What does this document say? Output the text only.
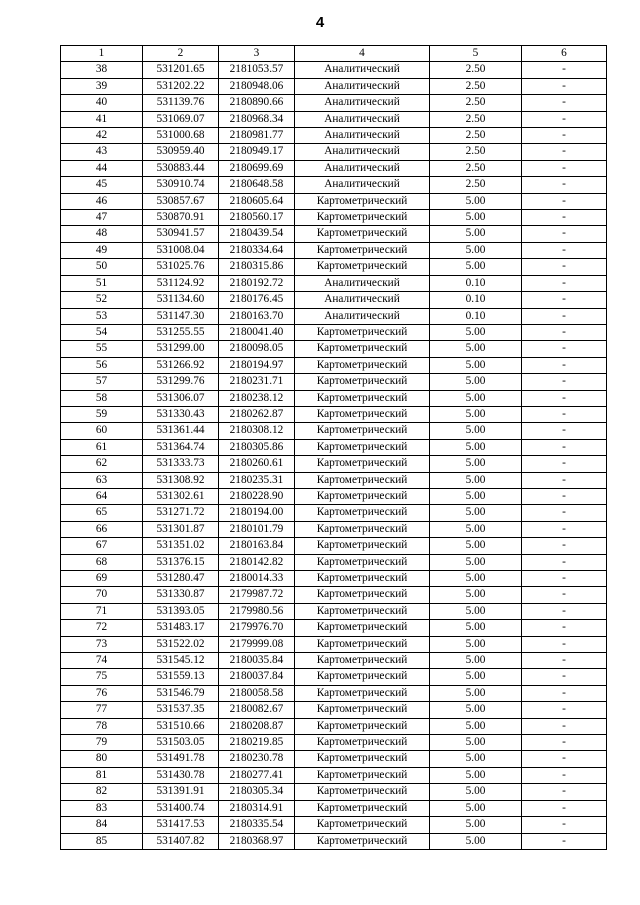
4
1	2	3	4	5	6
38	531201.65	2181053.57	Аналитический	2.50	-
39	531202.22	2180948.06	Аналитический	2.50	-
40	531139.76	2180890.66	Аналитический	2.50	-
41	531069.07	2180968.34	Аналитический	2.50	-
42	531000.68	2180981.77	Аналитический	2.50	-
43	530959.40	2180949.17	Аналитический	2.50	-
44	530883.44	2180699.69	Аналитический	2.50	-
45	530910.74	2180648.58	Аналитический	2.50	-
46	530857.67	2180605.64	Картометрический	5.00	-
47	530870.91	2180560.17	Картометрический	5.00	-
48	530941.57	2180439.54	Картометрический	5.00	-
49	531008.04	2180334.64	Картометрический	5.00	-
50	531025.76	2180315.86	Картометрический	5.00	-
51	531124.92	2180192.72	Аналитический	0.10	-
52	531134.60	2180176.45	Аналитический	0.10	-
53	531147.30	2180163.70	Аналитический	0.10	-
54	531255.55	2180041.40	Картометрический	5.00	-
55	531299.00	2180098.05	Картометрический	5.00	-
56	531266.92	2180194.97	Картометрический	5.00	-
57	531299.76	2180231.71	Картометрический	5.00	-
58	531306.07	2180238.12	Картометрический	5.00	-
59	531330.43	2180262.87	Картометрический	5.00	-
60	531361.44	2180308.12	Картометрический	5.00	-
61	531364.74	2180305.86	Картометрический	5.00	-
62	531333.73	2180260.61	Картометрический	5.00	-
63	531308.92	2180235.31	Картометрический	5.00	-
64	531302.61	2180228.90	Картометрический	5.00	-
65	531271.72	2180194.00	Картометрический	5.00	-
66	531301.87	2180101.79	Картометрический	5.00	-
67	531351.02	2180163.84	Картометрический	5.00	-
68	531376.15	2180142.82	Картометрический	5.00	-
69	531280.47	2180014.33	Картометрический	5.00	-
70	531330.87	2179987.72	Картометрический	5.00	-
71	531393.05	2179980.56	Картометрический	5.00	-
72	531483.17	2179976.70	Картометрический	5.00	-
73	531522.02	2179999.08	Картометрический	5.00	-
74	531545.12	2180035.84	Картометрический	5.00	-
75	531559.13	2180037.84	Картометрический	5.00	-
76	531546.79	2180058.58	Картометрический	5.00	-
77	531537.35	2180082.67	Картометрический	5.00	-
78	531510.66	2180208.87	Картометрический	5.00	-
79	531503.05	2180219.85	Картометрический	5.00	-
80	531491.78	2180230.78	Картометрический	5.00	-
81	531430.78	2180277.41	Картометрический	5.00	-
82	531391.91	2180305.34	Картометрический	5.00	-
83	531400.74	2180314.91	Картометрический	5.00	-
84	531417.53	2180335.54	Картометрический	5.00	-
85	531407.82	2180368.97	Картометрический	5.00	-
